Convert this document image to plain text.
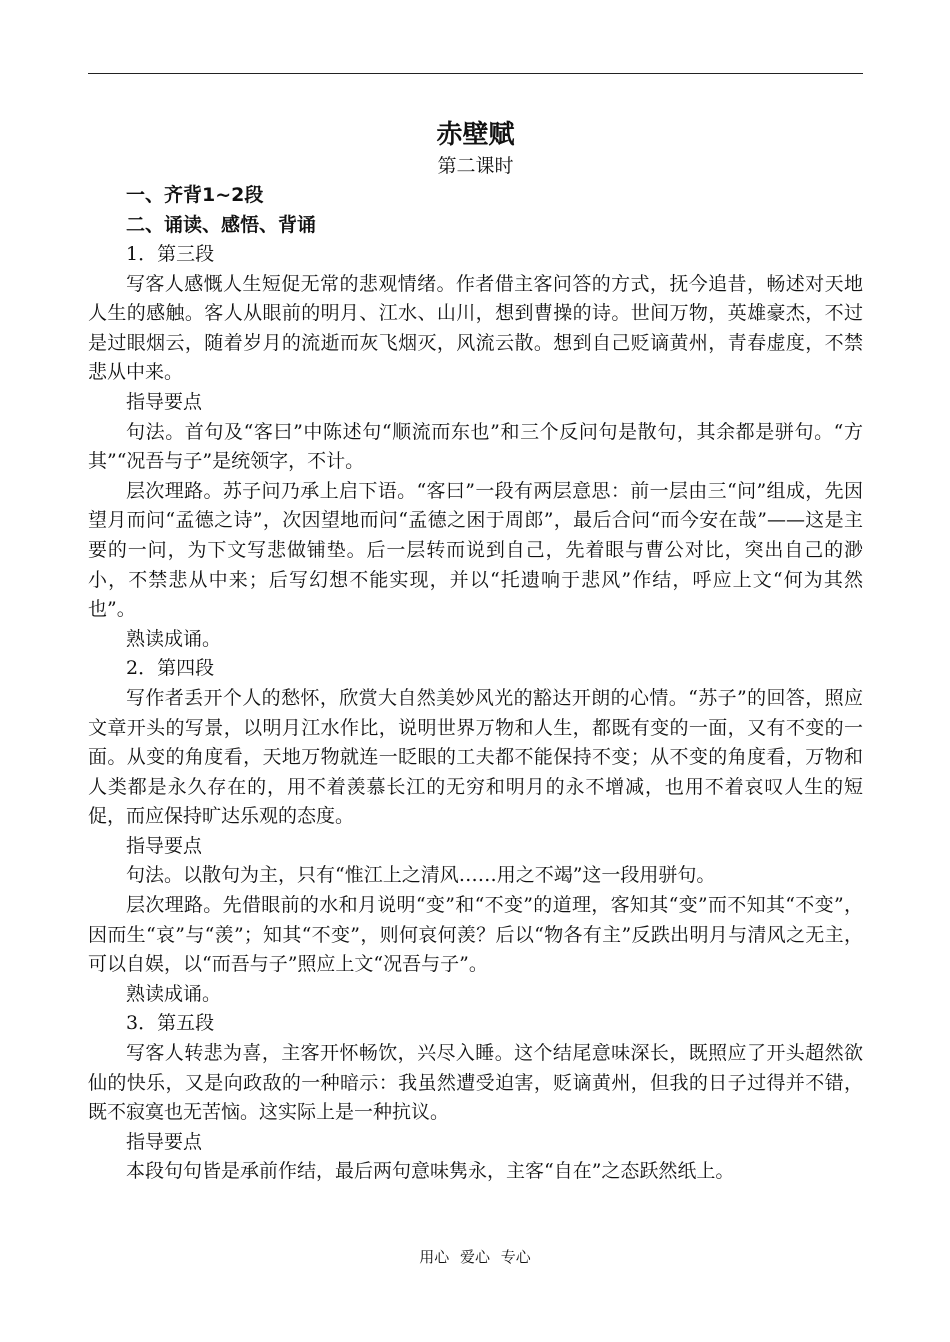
赤壁赋

第二课时

一、齐背1~2段

二、诵读、感悟、背诵

1．第三段

写客人感慨人生短促无常的悲观情绪。作者借主客问答的方式，抚今追昔，畅述对天地人生的感触。客人从眼前的明月、江水、山川，想到曹操的诗。世间万物，英雄豪杰，不过是过眼烟云，随着岁月的流逝而灰飞烟灭，风流云散。想到自己贬谪黄州，青春虚度，不禁悲从中来。

指导要点

句法。首句及“客曰”中陈述句“顺流而东也”和三个反问句是散句，其余都是骈句。“方其”“况吾与子”是统领字，不计。

层次理路。苏子问乃承上启下语。“客曰”一段有两层意思：前一层由三“问”组成，先因望月而问“孟德之诗”，次因望地而问“孟德之困于周郎”，最后合问“而今安在哉”——这是主要的一问，为下文写悲做铺垫。后一层转而说到自己，先着眼与曹公对比，突出自己的渺小，不禁悲从中来；后写幻想不能实现，并以“托遗响于悲风”作结，呼应上文“何为其然也”。

熟读成诵。

2．第四段

写作者丢开个人的愁怀，欣赏大自然美妙风光的豁达开朗的心情。“苏子”的回答，照应文章开头的写景，以明月江水作比，说明世界万物和人生，都既有变的一面，又有不变的一面。从变的角度看，天地万物就连一眨眼的工夫都不能保持不变；从不变的角度看，万物和人类都是永久存在的，用不着羡慕长江的无穷和明月的永不增减，也用不着哀叹人生的短促，而应保持旷达乐观的态度。

指导要点

句法。以散句为主，只有“惟江上之清风……用之不竭”这一段用骈句。

层次理路。先借眼前的水和月说明“变”和“不变”的道理，客知其“变”而不知其“不变”，因而生“哀”与“羡”；知其“不变”，则何哀何羡？后以“物各有主”反跌出明月与清风之无主，可以自娱，以“而吾与子”照应上文“况吾与子”。

熟读成诵。

3．第五段

写客人转悲为喜，主客开怀畅饮，兴尽入睡。这个结尾意味深长，既照应了开头超然欲仙的快乐，又是向政敌的一种暗示：我虽然遭受迫害，贬谪黄州，但我的日子过得并不错，既不寂寞也无苦恼。这实际上是一种抗议。

指导要点

本段句句皆是承前作结，最后两句意味隽永，主客“自在”之态跃然纸上。

用心 爱心 专心
